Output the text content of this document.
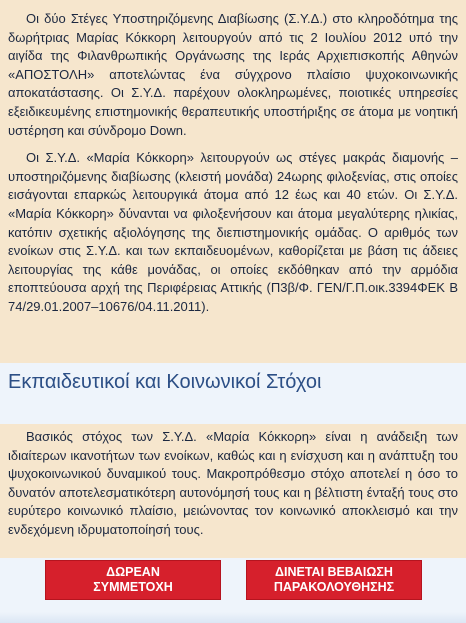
Οι δύο Στέγες Υποστηριζόμενης Διαβίωσης (Σ.Υ.Δ.) στο κληροδότημα της δωρήτριας Μαρίας Κόκκορη λειτουργούν από τις 2 Ιουλίου 2012 υπό την αιγίδα της Φιλανθρωπικής Οργάνωσης της Ιεράς Αρχιεπισκοπής Αθηνών «ΑΠΟΣΤΟΛΗ» αποτελώντας ένα σύγχρονο πλαίσιο ψυχοκοινωνικής αποκατάστασης. Οι Σ.Υ.Δ. παρέχουν ολοκληρωμένες, ποιοτικές υπηρεσίες εξειδικευμένης επιστημονικής θεραπευτικής υποστήριξης σε άτομα με νοητική υστέρηση και σύνδρομο Down.

Οι Σ.Υ.Δ. «Μαρία Κόκκορη» λειτουργούν ως στέγες μακράς διαμονής – υποστηριζόμενης διαβίωσης (κλειστή μονάδα) 24ωρης φιλοξενίας, στις οποίες εισάγονται επαρκώς λειτουργικά άτομα από 12 έως και 40 ετών. Οι Σ.Υ.Δ. «Μαρία Κόκκορη» δύνανται να φιλοξενήσουν και άτομα μεγαλύτερης ηλικίας, κατόπιν σχετικής αξιολόγησης της διεπιστημονικής ομάδας. Ο αριθμός των ενοίκων στις Σ.Υ.Δ. και των εκπαιδευομένων, καθορίζεται με βάση τις άδειες λειτουργίας της κάθε μονάδας, οι οποίες εκδόθηκαν από την αρμόδια εποπτεύουσα αρχή της Περιφέρειας Αττικής (Π3β/Φ. ΓΕΝ/Γ.Π.οικ.3394ΦΕΚ Β 74/29.01.2007–10676/04.11.2011).

Εκπαιδευτικοί και Κοινωνικοί Στόχοι

Βασικός στόχος των Σ.Υ.Δ. «Μαρία Κόκκορη» είναι η ανάδειξη των ιδιαίτερων ικανοτήτων των ενοίκων, καθώς και η ενίσχυση και η ανάπτυξη του ψυχοκοινωνικού δυναμικού τους. Μακροπρόθεσμο στόχο αποτελεί η όσο το δυνατόν αποτελεσματικότερη αυτονόμησή τους και η βέλτιστη ένταξή τους στο ευρύτερο κοινωνικό πλαίσιο, μειώνοντας τον κοινωνικό αποκλεισμό και την ενδεχόμενη ιδρυματοποίησή τους.

ΔΩΡΕΑΝ
ΣΥΜΜΕΤΟΧΗ
ΔΙΝΕΤΑΙ ΒΕΒΑΙΩΣΗ
ΠΑΡΑΚΟΛΟΥΘΗΣΗΣ
